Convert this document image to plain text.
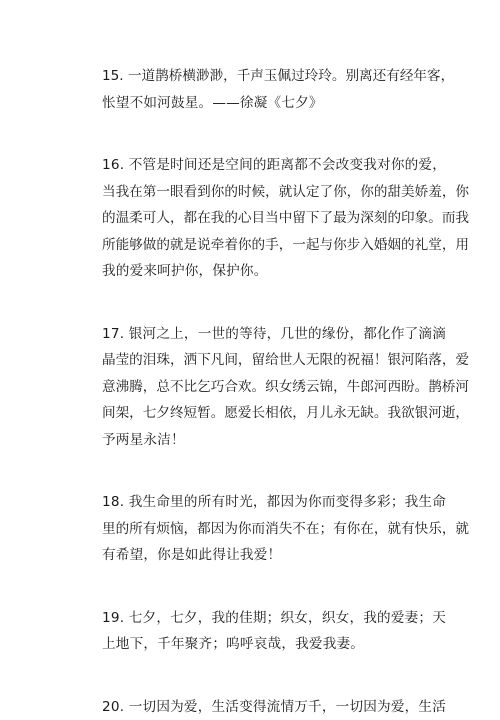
15. 一道鹊桥横渺渺，千声玉佩过玲玲。别离还有经年客，
怅望不如河鼓星。——徐凝《七夕》
16. 不管是时间还是空间的距离都不会改变我对你的爱，
当我在第一眼看到你的时候，就认定了你，你的甜美娇羞，你
的温柔可人，都在我的心目当中留下了最为深刻的印象。而我
所能够做的就是说牵着你的手，一起与你步入婚姻的礼堂，用
我的爱来呵护你，保护你。
17. 银河之上，一世的等待，几世的缘份，都化作了滴滴
晶莹的泪珠，洒下凡间，留给世人无限的祝福！银河陷落，爱
意沸腾，总不比乞巧合欢。织女绣云锦，牛郎河西盼。鹊桥河
间架，七夕终短暂。愿爱长相依，月儿永无缺。我欲银河逝，
予两星永洁！
18. 我生命里的所有时光，都因为你而变得多彩；我生命
里的所有烦恼，都因为你而消失不在；有你在，就有快乐，就
有希望，你是如此得让我爱！
19. 七夕，七夕，我的佳期；织女，织女，我的爱妻；天
上地下，千年聚齐；呜呼哀哉，我爱我妻。
20. 一切因为爱，生活变得流情万千，一切因为爱，生活
